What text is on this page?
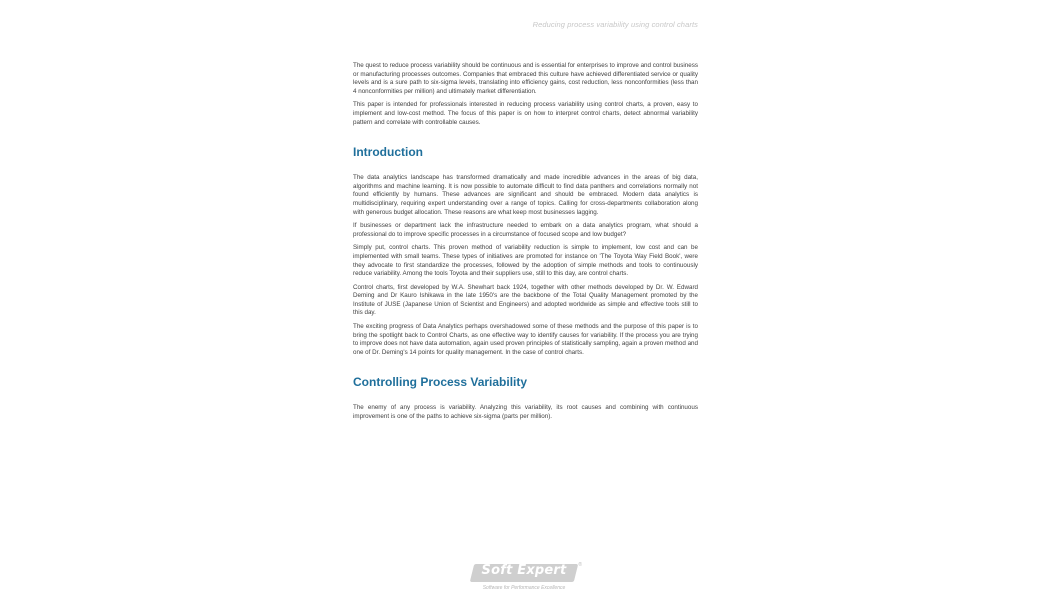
Reducing process variability using control charts

The quest to reduce process variability should be continuous and is essential for enterprises to improve and control business or manufacturing processes outcomes. Companies that embraced this culture have achieved differentiated service or quality levels and is a sure path to six-sigma levels, translating into efficiency gains, cost reduction, less nonconformities (less than 4 nonconformities per million) and ultimately market differentiation.

This paper is intended for professionals interested in reducing process variability using control charts, a proven, easy to implement and low-cost method. The focus of this paper is on how to interpret control charts, detect abnormal variability pattern and correlate with controllable causes.

Introduction

The data analytics landscape has transformed dramatically and made incredible advances in the areas of big data, algorithms and machine learning. It is now possible to automate difficult to find data panthers and correlations normally not found efficiently by humans. These advances are significant and should be embraced. Modern data analytics is multidisciplinary, requiring expert understanding over a range of topics. Calling for cross-departments collaboration along with generous budget allocation. These reasons are what keep most businesses lagging.

If businesses or department lack the infrastructure needed to embark on a data analytics program, what should a professional do to improve specific processes in a circumstance of focused scope and low budget?

Simply put, control charts. This proven method of variability reduction is simple to implement, low cost and can be implemented with small teams. These types of initiatives are promoted for instance on 'The Toyota Way Field Book', were they advocate to first standardize the processes, followed by the adoption of simple methods and tools to continuously reduce variability. Among the tools Toyota and their suppliers use, still to this day, are control charts.

Control charts, first developed by W.A. Shewhart back 1924, together with other methods developed by Dr. W. Edward Deming and Dr Kauro Ishikawa in the late 1950's are the backbone of the Total Quality Management promoted by the Institute of JUSE (Japanese Union of Scientist and Engineers) and adopted worldwide as simple and effective tools still to this day.

The exciting progress of Data Analytics perhaps overshadowed some of these methods and the purpose of this paper is to bring the spotlight back to Control Charts, as one effective way to identify causes for variability. If the process you are trying to improve does not have data automation, again used proven principles of statistically sampling, again a proven method and one of Dr. Deming's 14 points for quality management. In the case of control charts.

Controlling Process Variability

The enemy of any process is variability. Analyzing this variability, its root causes and combining with continuous improvement is one of the paths to achieve six-sigma (parts per million).

Soft Expert	®
Software for Performance Excellence
